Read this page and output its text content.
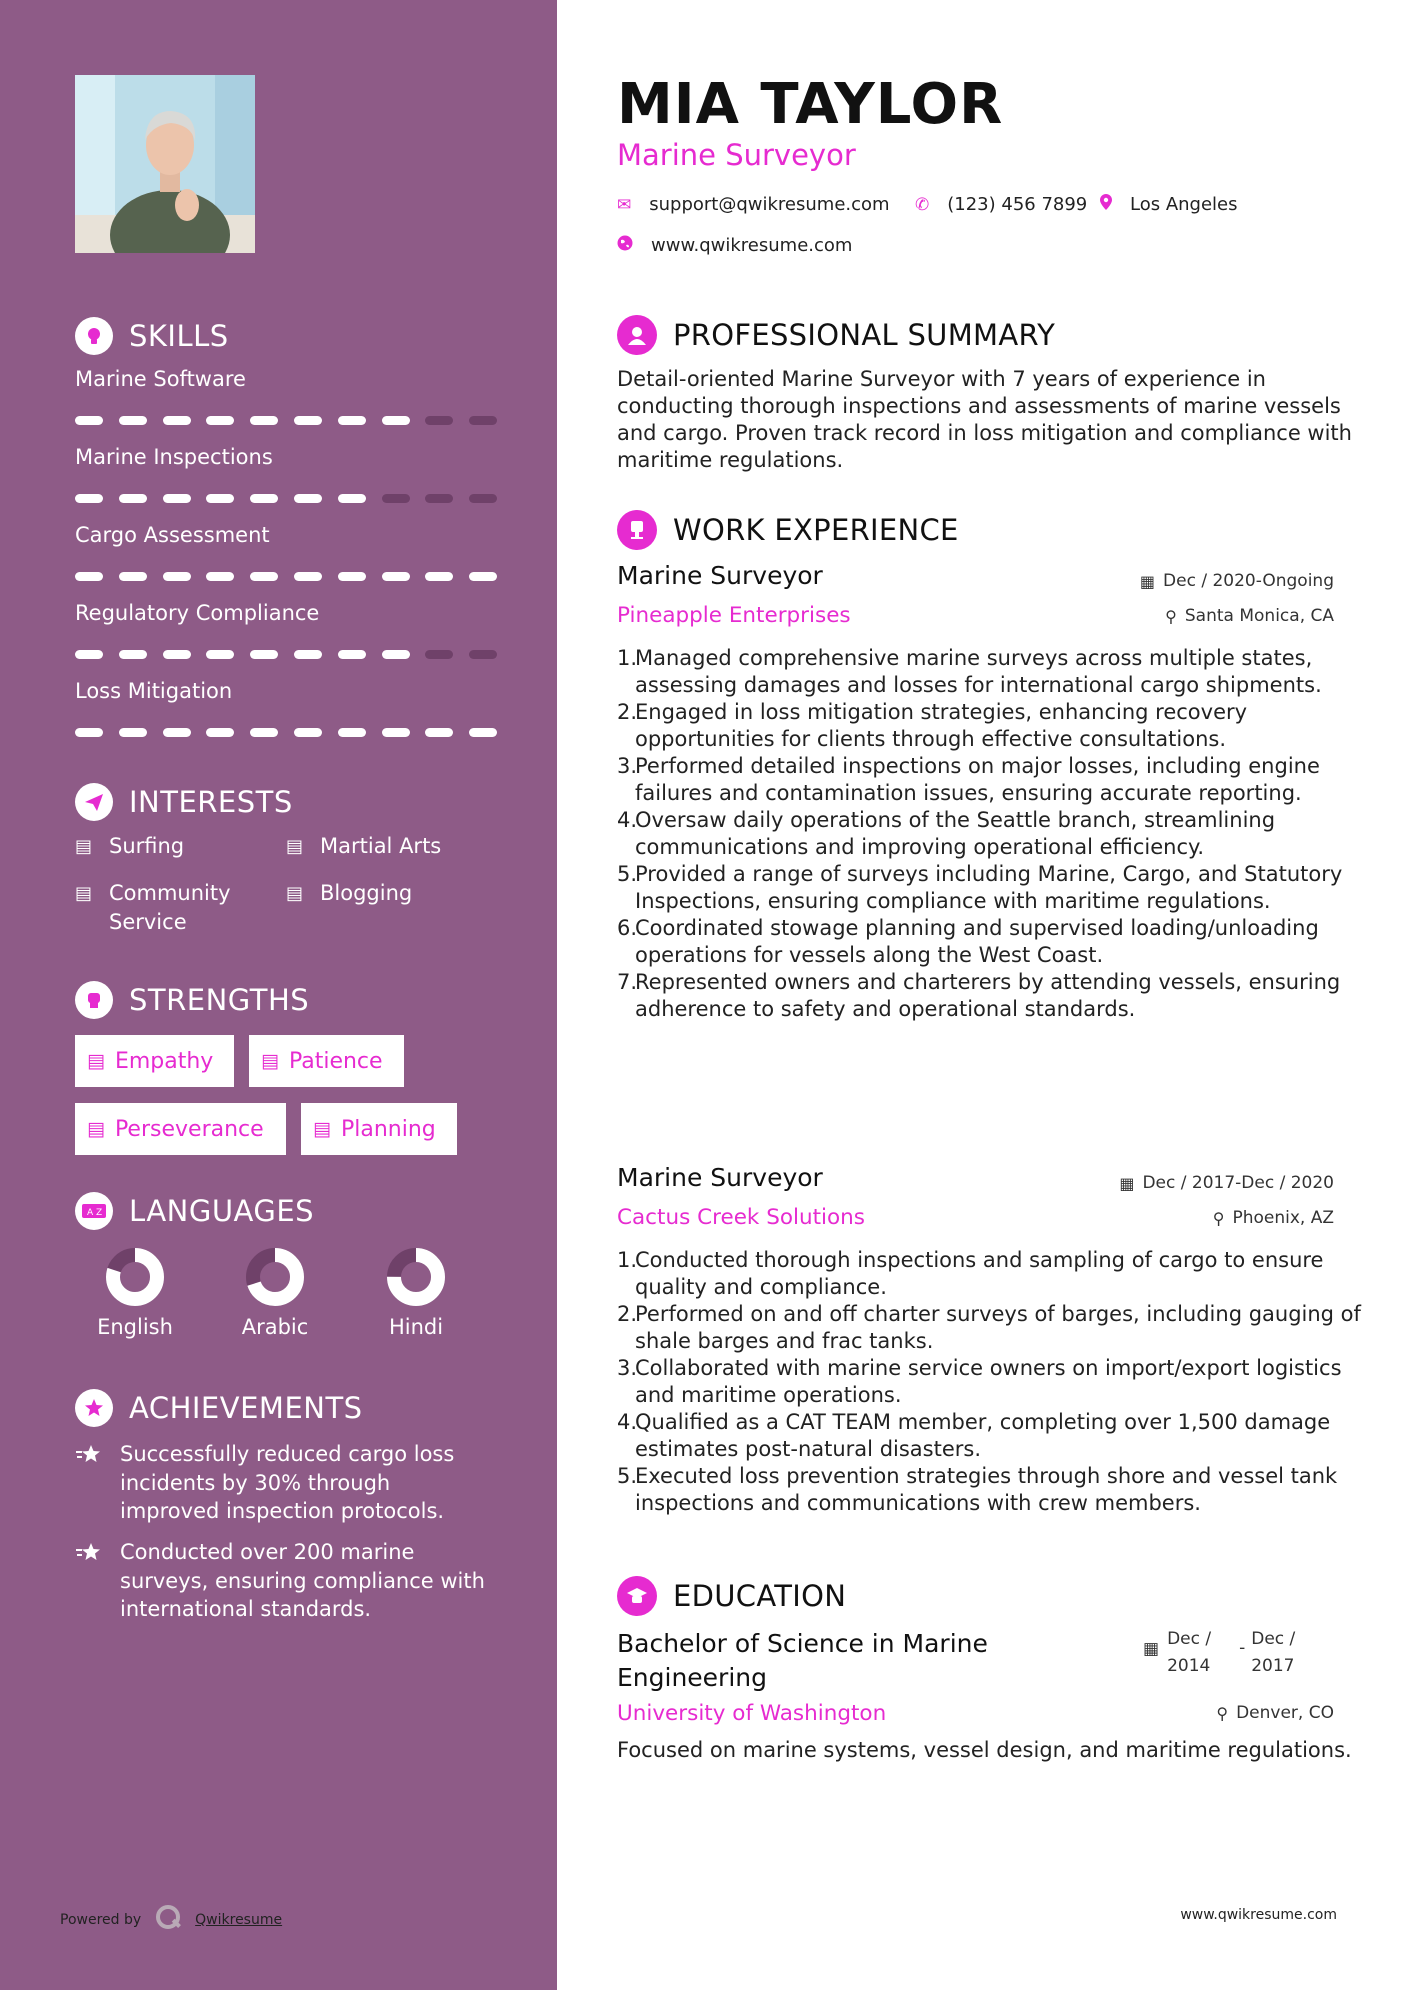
SKILLS
Marine Software
Marine Inspections
Cargo Assessment
Regulatory Compliance
Loss Mitigation
INTERESTS
▤ Surfing	▤ Martial Arts
▤ Community Service
▤ Blogging
STRENGTHS
▤ Empathy	▤ Patience
▤ Perseverance	▤ Planning
A Z LANGUAGES
English	Arabic	Hindi
ACHIEVEMENTS
Successfully reduced cargo loss incidents by 30% through improved inspection protocols.
Conducted over 200 marine surveys, ensuring compliance with international standards.
Powered by	Qwikresume
MIA TAYLOR
Marine Surveyor
✉ support@qwikresume.com ✆ (123) 456 7899 Los Angeles
www.qwikresume.com
PROFESSIONAL SUMMARY
Detail-oriented Marine Surveyor with 7 years of experience in conducting thorough inspections and assessments of marine vessels and cargo. Proven track record in loss mitigation and compliance with maritime regulations.
WORK EXPERIENCE
Marine Surveyor	▦ Dec / 2020-Ongoing
Pineapple Enterprises	⚲ Santa Monica, CA
1.
Managed comprehensive marine surveys across multiple states, assessing damages and losses for international cargo shipments.
2.
Engaged in loss mitigation strategies, enhancing recovery opportunities for clients through effective consultations.
3.
Performed detailed inspections on major losses, including engine failures and contamination issues, ensuring accurate reporting.
4.
Oversaw daily operations of the Seattle branch, streamlining communications and improving operational efficiency.
5.
Provided a range of surveys including Marine, Cargo, and Statutory Inspections, ensuring compliance with maritime regulations.
6.
Coordinated stowage planning and supervised loading/unloading operations for vessels along the West Coast.
7.
Represented owners and charterers by attending vessels, ensuring adherence to safety and operational standards.
Marine Surveyor	▦ Dec / 2017-Dec / 2020
Cactus Creek Solutions	⚲ Phoenix, AZ
1.
Conducted thorough inspections and sampling of cargo to ensure quality and compliance.
2.
Performed on and off charter surveys of barges, including gauging of shale barges and frac tanks.
3.
Collaborated with marine service owners on import/export logistics and maritime operations.
4.
Qualified as a CAT TEAM member, completing over 1,500 damage estimates post-natural disasters.
5.
Executed loss prevention strategies through shore and vessel tank inspections and communications with crew members.
EDUCATION
Bachelor of Science in Marine
Engineering
▦ Dec /
2014
- Dec /
2017
University of Washington	⚲ Denver, CO
Focused on marine systems, vessel design, and maritime regulations.
www.qwikresume.com
